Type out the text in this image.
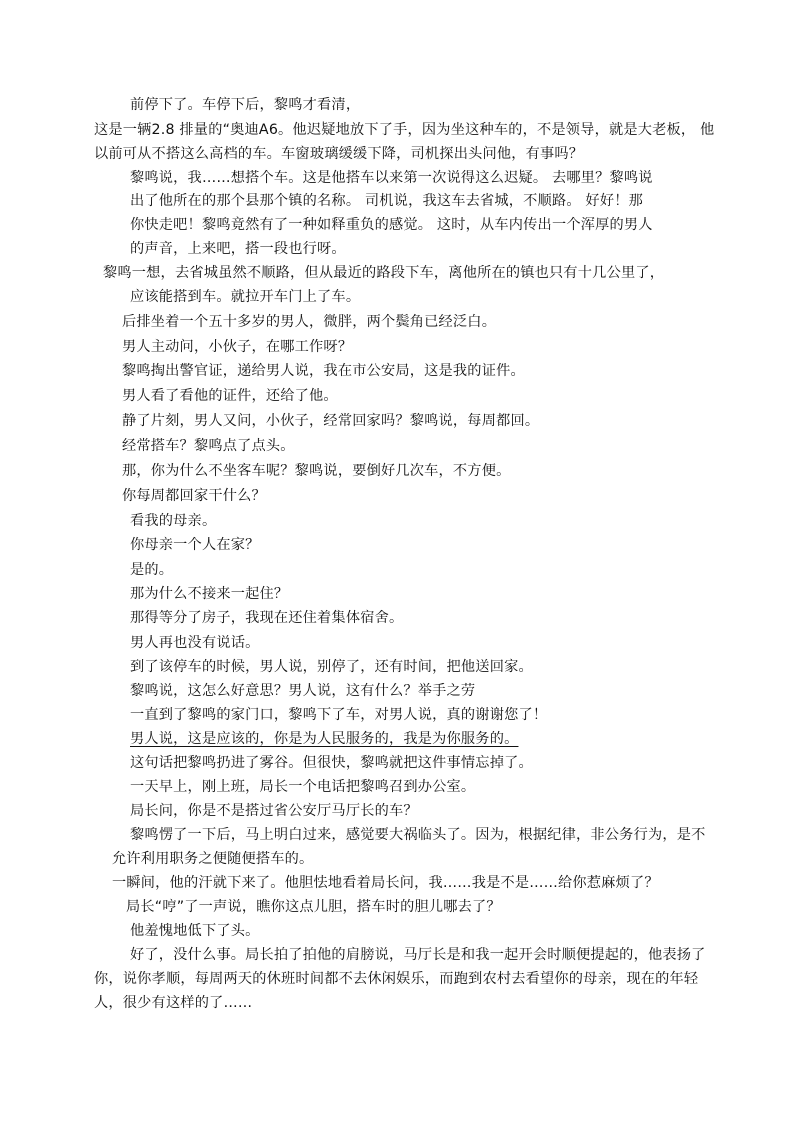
前停下了。车停下后，黎鸣才看清，
这是一辆2.8 排量的“奥迪A6。他迟疑地放下了手，因为坐这种车的，不是领导，就是大老板， 他
以前可从不搭这么高档的车。车窗玻璃缓缓下降，司机探出头问他，有事吗？
黎鸣说，我……想搭个车。这是他搭车以来第一次说得这么迟疑。 去哪里？黎鸣说
出了他所在的那个县那个镇的名称。 司机说，我这车去省城，不顺路。 好好！那
你快走吧！黎鸣竟然有了一种如释重负的感觉。 这时，从车内传出一个浑厚的男人
的声音，上来吧，搭一段也行呀。
黎鸣一想，去省城虽然不顺路，但从最近的路段下车，离他所在的镇也只有十几公里了，
应该能搭到车。就拉开车门上了车。
后排坐着一个五十多岁的男人，微胖，两个鬓角已经泛白。
男人主动问，小伙子，在哪工作呀？
黎鸣掏出警官证，递给男人说，我在市公安局，这是我的证件。
男人看了看他的证件，还给了他。
静了片刻，男人又问，小伙子，经常回家吗？黎鸣说，每周都回。
经常搭车？黎鸣点了点头。
那，你为什么不坐客车呢？黎鸣说，要倒好几次车，不方便。
你每周都回家干什么？
看我的母亲。
你母亲一个人在家？
是的。
那为什么不接来一起住？
那得等分了房子，我现在还住着集体宿舍。
男人再也没有说话。
到了该停车的时候，男人说，别停了，还有时间，把他送回家。
黎鸣说，这怎么好意思？男人说，这有什么？举手之劳
一直到了黎鸣的家门口，黎鸣下了车，对男人说，真的谢谢您了！
男人说，这是应该的，你是为人民服务的，我是为你服务的。
这句话把黎鸣扔进了雾谷。但很快，黎鸣就把这件事情忘掉了。
一天早上，刚上班，局长一个电话把黎鸣召到办公室。
局长问，你是不是搭过省公安厅马厅长的车？
黎鸣愣了一下后，马上明白过来，感觉要大祸临头了。因为，根据纪律，非公务行为，是不
允许利用职务之便随便搭车的。
一瞬间，他的汗就下来了。他胆怯地看着局长问，我……我是不是……给你惹麻烦了？
局长“哼”了一声说，瞧你这点儿胆，搭车时的胆儿哪去了？
他羞愧地低下了头。
好了，没什么事。局长拍了拍他的肩膀说，马厅长是和我一起开会时顺便提起的，他表扬了
你，说你孝顺，每周两天的休班时间都不去休闲娱乐，而跑到农村去看望你的母亲，现在的年轻
人，很少有这样的了……
